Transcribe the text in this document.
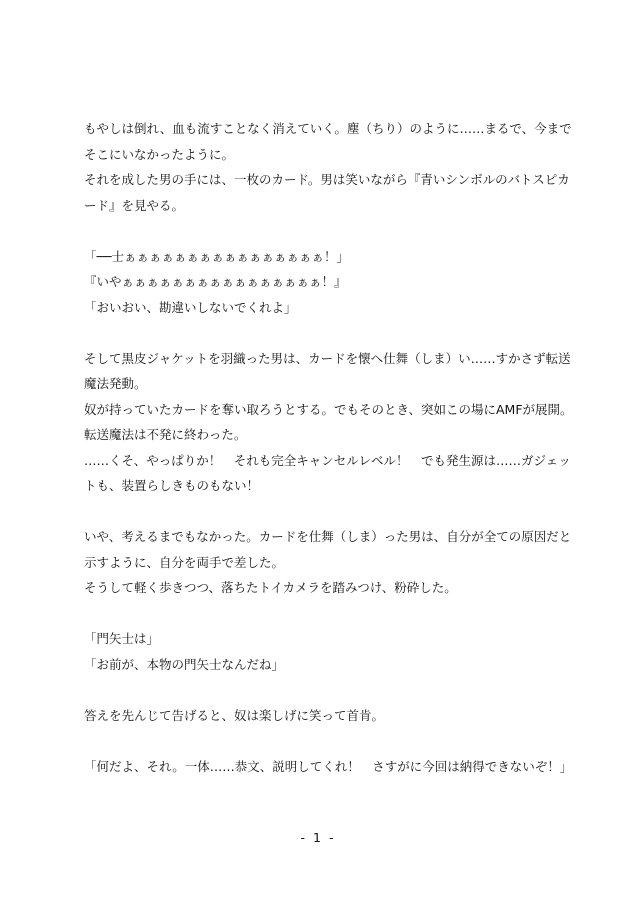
もやしは倒れ、血も流すことなく消えていく。塵（ちり）のように……まるで、今まで
そこにいなかったように。
それを成した男の手には、一枚のカード。男は笑いながら『青いシンボルのバトスピカ
ード』を見やる。
「──士ぁぁぁぁぁぁぁぁぁぁぁぁぁぁぁぁ！」
『いやぁぁぁぁぁぁぁぁぁぁぁぁぁぁぁぁ！』
「おいおい、勘違いしないでくれよ」
そして黒皮ジャケットを羽織った男は、カードを懐へ仕舞（しま）い……すかさず転送
魔法発動。
奴が持っていたカードを奪い取ろうとする。でもそのとき、突如この場にAMFが展開。
転送魔法は不発に終わった。
……くそ、やっぱりか！　それも完全キャンセルレベル！　でも発生源は……ガジェッ
トも、装置らしきものもない！
いや、考えるまでもなかった。カードを仕舞（しま）った男は、自分が全ての原因だと
示すように、自分を両手で差した。
そうして軽く歩きつつ、落ちたトイカメラを踏みつけ、粉砕した。
「門矢士は」
「お前が、本物の門矢士なんだね」
答えを先んじて告げると、奴は楽しげに笑って首肯。
「何だよ、それ。一体……恭文、説明してくれ！　さすがに今回は納得できないぞ！」
- 1 -
